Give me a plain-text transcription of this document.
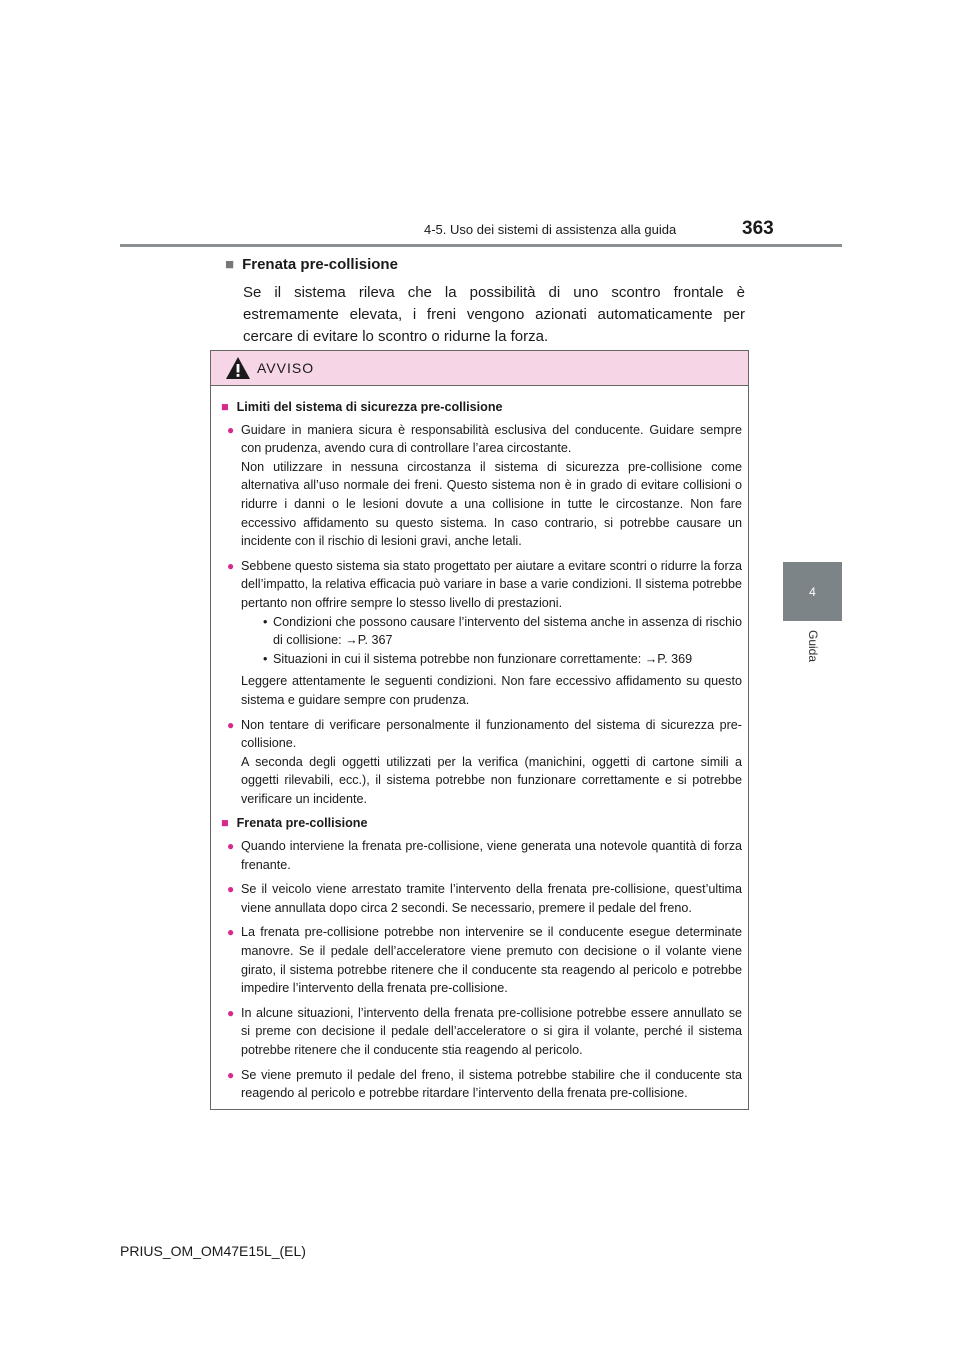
4-5. Uso dei sistemi di assistenza alla guida	363
4
Guida
■ Frenata pre-collisione
Se il sistema rileva che la possibilità di uno scontro frontale è estremamente elevata, i freni vengono azionati automaticamente per cercare di evitare lo scontro o ridurne la forza.
AVVISO
■ Limiti del sistema di sicurezza pre-collisione
● Guidare in maniera sicura è responsabilità esclusiva del conducente. Guidare sempre con prudenza, avendo cura di controllare l’area circostante.

Non utilizzare in nessuna circostanza il sistema di sicurezza pre-collisione come alternativa all’uso normale dei freni. Questo sistema non è in grado di evitare collisioni o ridurre i danni o le lesioni dovute a una collisione in tutte le circostanze. Non fare eccessivo affidamento su questo sistema. In caso contrario, si potrebbe causare un incidente con il rischio di lesioni gravi, anche letali.

● Sebbene questo sistema sia stato progettato per aiutare a evitare scontri o ridurre la forza dell’impatto, la relativa efficacia può variare in base a varie condizioni. Il sistema potrebbe pertanto non offrire sempre lo stesso livello di prestazioni.

• Condizioni che possono causare l’intervento del sistema anche in assenza di rischio di collisione: →P. 367

• Situazioni in cui il sistema potrebbe non funzionare correttamente: →P. 369

Leggere attentamente le seguenti condizioni. Non fare eccessivo affidamento su questo sistema e guidare sempre con prudenza.

● Non tentare di verificare personalmente il funzionamento del sistema di sicurezza pre-collisione.

A seconda degli oggetti utilizzati per la verifica (manichini, oggetti di cartone simili a oggetti rilevabili, ecc.), il sistema potrebbe non funzionare correttamente e si potrebbe verificare un incidente.

■ Frenata pre-collisione
● Quando interviene la frenata pre-collisione, viene generata una notevole quantità di forza frenante.

● Se il veicolo viene arrestato tramite l’intervento della frenata pre-collisione, quest’ultima viene annullata dopo circa 2 secondi. Se necessario, premere il pedale del freno.

● La frenata pre-collisione potrebbe non intervenire se il conducente esegue determinate manovre. Se il pedale dell’acceleratore viene premuto con decisione o il volante viene girato, il sistema potrebbe ritenere che il conducente sta reagendo al pericolo e potrebbe impedire l’intervento della frenata pre-collisione.

● In alcune situazioni, l’intervento della frenata pre-collisione potrebbe essere annullato se si preme con decisione il pedale dell’acceleratore o si gira il volante, perché il sistema potrebbe ritenere che il conducente stia reagendo al pericolo.

● Se viene premuto il pedale del freno, il sistema potrebbe stabilire che il conducente sta reagendo al pericolo e potrebbe ritardare l’intervento della frenata pre-collisione.

PRIUS_OM_OM47E15L_(EL)
